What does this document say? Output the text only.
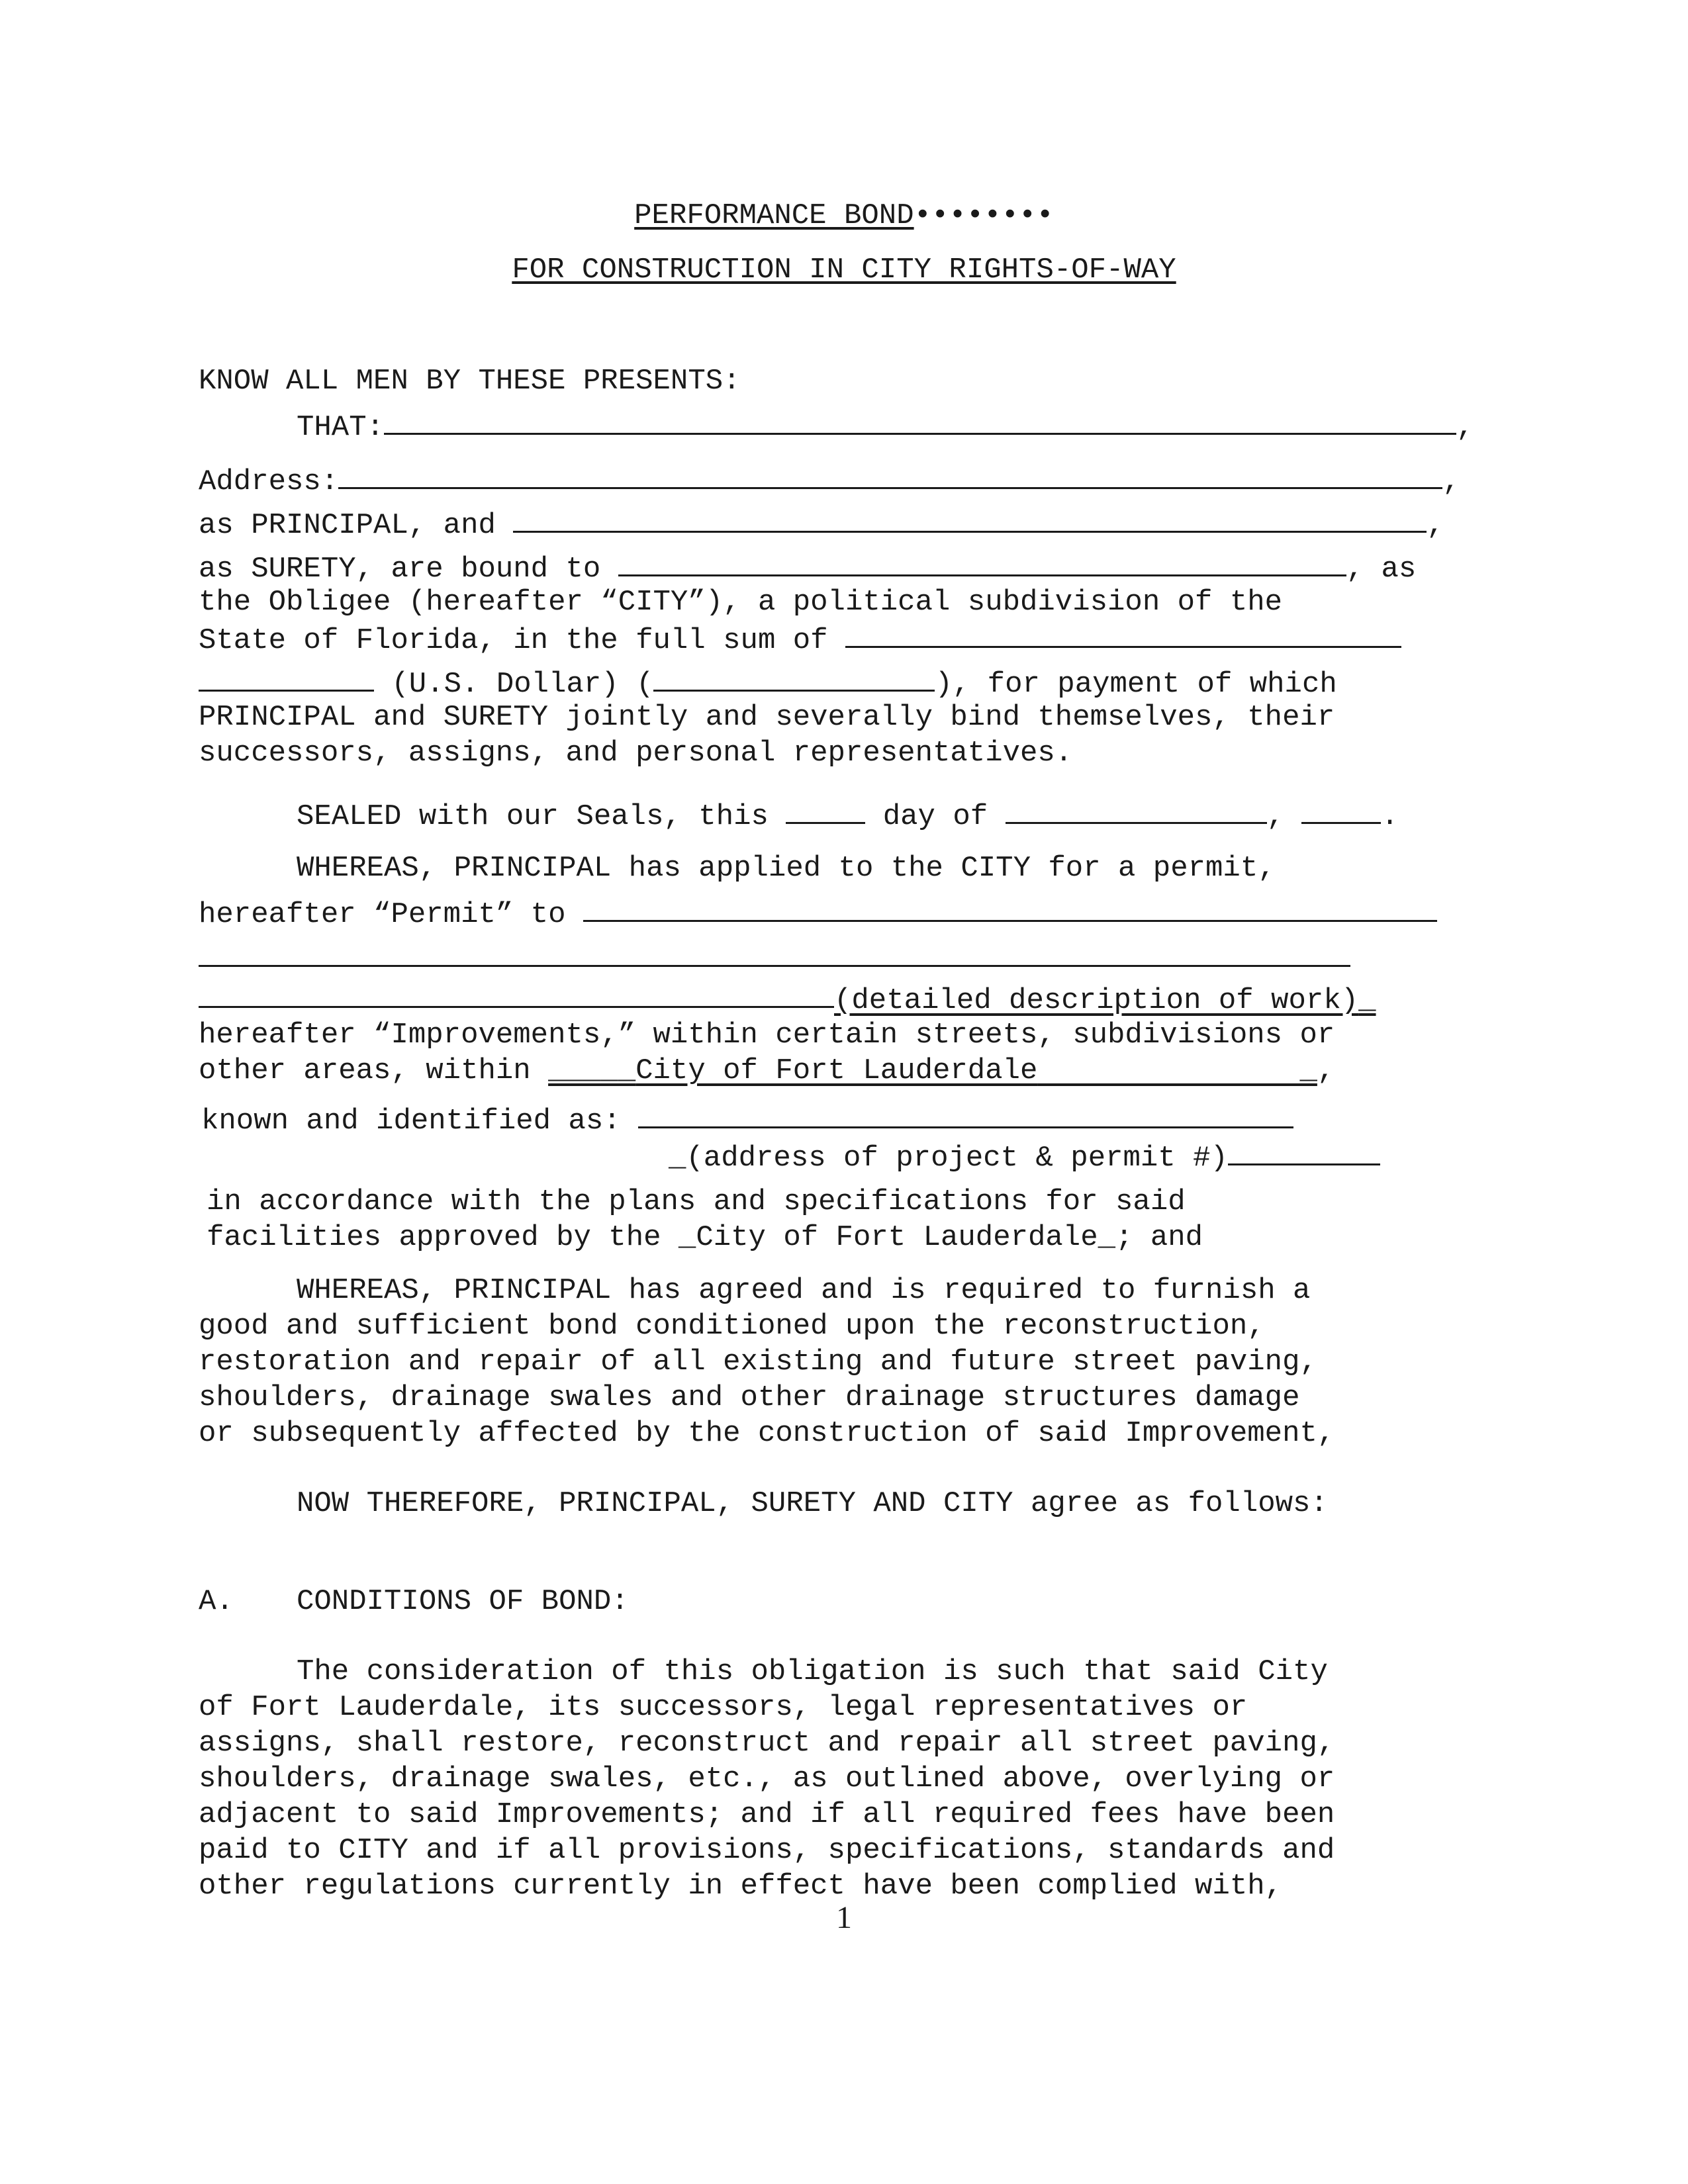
PERFORMANCE BOND••••••••
FOR CONSTRUCTION IN CITY RIGHTS-OF-WAY
KNOW ALL MEN BY THESE PRESENTS:
THAT:	,
Address:	,
as PRINCIPAL, and	,
as SURETY, are bound to	, as
the Obligee (hereafter “CITY”), a political subdivision of the
State of Florida, in the full sum of
(U.S. Dollar) (	), for payment of which
PRINCIPAL and SURETY jointly and severally bind themselves, their
successors, assigns, and personal representatives.
SEALED with our Seals, this	day of	,	.
WHEREAS, PRINCIPAL has applied to the CITY for a permit,
hereafter “Permit” to
(detailed description of work)_
hereafter “Improvements,” within certain streets, subdivisions or
other areas, within _____City of Fort Lauderdale               _,
known and identified as:
_(address of project & permit #)
in accordance with the plans and specifications for said
facilities approved by the _City of Fort Lauderdale_; and
WHEREAS, PRINCIPAL has agreed and is required to furnish a
good and sufficient bond conditioned upon the reconstruction,
restoration and repair of all existing and future street paving,
shoulders, drainage swales and other drainage structures damage
or subsequently affected by the construction of said Improvement,
NOW THEREFORE, PRINCIPAL, SURETY AND CITY agree as follows:
A. CONDITIONS OF BOND:
The consideration of this obligation is such that said City
of Fort Lauderdale, its successors, legal representatives or
assigns, shall restore, reconstruct and repair all street paving,
shoulders, drainage swales, etc., as outlined above, overlying or
adjacent to said Improvements; and if all required fees have been
paid to CITY and if all provisions, specifications, standards and
other regulations currently in effect have been complied with,
1
